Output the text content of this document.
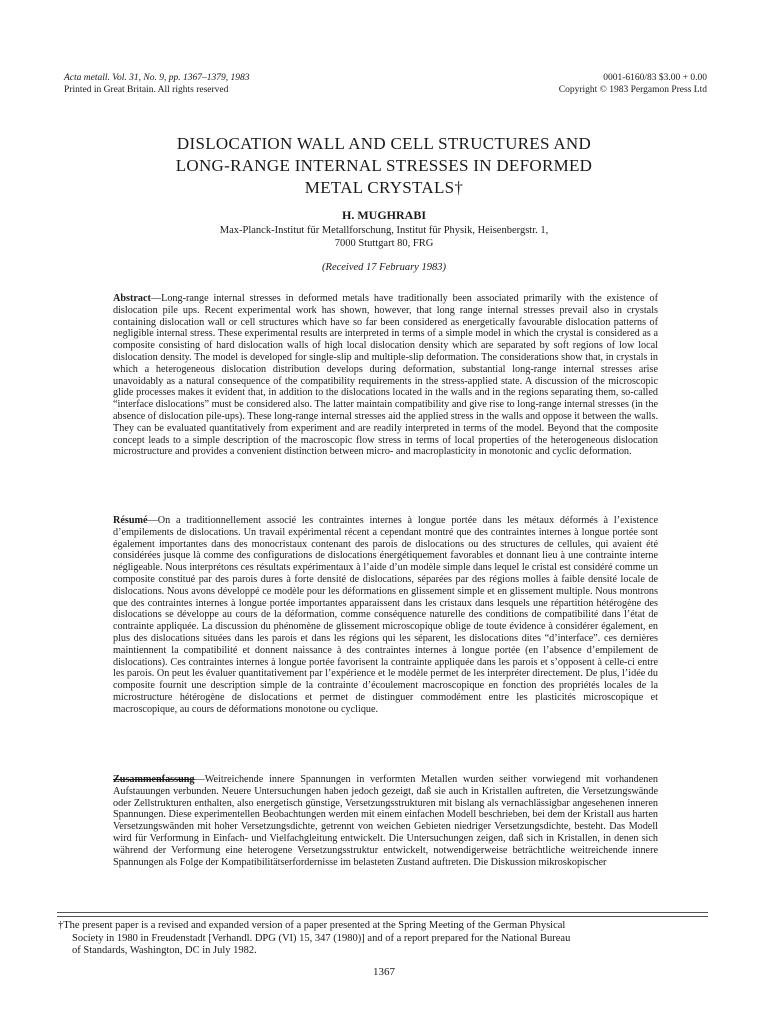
Acta metall. Vol. 31, No. 9, pp. 1367–1379, 1983
Printed in Great Britain. All rights reserved
0001-6160/83 $3.00 + 0.00
Copyright © 1983 Pergamon Press Ltd
DISLOCATION WALL AND CELL STRUCTURES AND
LONG-RANGE INTERNAL STRESSES IN DEFORMED
METAL CRYSTALS†
H. MUGHRABI
Max-Planck-Institut für Metallforschung, Institut für Physik, Heisenbergstr. 1,
7000 Stuttgart 80, FRG
(Received 17 February 1983)
Abstract—Long-range internal stresses in deformed metals have traditionally been associated primarily with the existence of dislocation pile ups. Recent experimental work has shown, however, that long range internal stresses prevail also in crystals containing dislocation wall or cell structures which have so far been considered as energetically favourable dislocation patterns of negligible internal stress. These experimental results are interpreted in terms of a simple model in which the crystal is considered as a composite consisting of hard dislocation walls of high local dislocation density which are separated by soft regions of low local dislocation density. The model is developed for single-slip and multiple-slip deformation. The considerations show that, in crystals in which a heterogeneous dislocation distribution develops during deformation, substantial long-range internal stresses arise unavoidably as a natural consequence of the compatibility requirements in the stress-applied state. A discussion of the microscopic glide processes makes it evident that, in addition to the dislocations located in the walls and in the regions separating them, so-called “interface dislocations” must be considered also. The latter maintain compatibility and give rise to long-range internal stresses (in the absence of dislocation pile-ups). These long-range internal stresses aid the applied stress in the walls and oppose it between the walls. They can be evaluated quantitatively from experiment and are readily interpreted in terms of the model. Beyond that the composite concept leads to a simple description of the macroscopic flow stress in terms of local properties of the heterogeneous dislocation microstructure and provides a convenient distinction between micro- and macroplasticity in monotonic and cyclic deformation.
Résumé—On a traditionnellement associé les contraintes internes à longue portée dans les métaux déformés à l’existence d’empilements de dislocations. Un travail expérimental récent a cependant montré que des contraintes internes à longue portée sont également importantes dans des monocristaux contenant des parois de dislocations ou des structures de cellules, qui avaient été considérées jusque là comme des configurations de dislocations énergétiquement favorables et donnant lieu à une contrainte interne négligeable. Nous interprétons ces résultats expérimentaux à l’aide d’un modèle simple dans lequel le cristal est considéré comme un composite constitué par des parois dures à forte densité de dislocations, séparées par des régions molles à faible densité locale de dislocations. Nous avons développé ce modèle pour les déformations en glissement simple et en glissement multiple. Nous montrons que des contraintes internes à longue portée importantes apparaissent dans les cristaux dans lesquels une répartition hétérogène des dislocations se développe au cours de la déformation, comme conséquence naturelle des conditions de compatibilité dans l’état de contrainte appliquée. La discussion du phénomène de glissement microscopique oblige de toute évidence à considérer également, en plus des dislocations situées dans les parois et dans les régions qui les séparent, les dislocations dites “d’interface”. ces dernières maintiennent la compatibilité et donnent naissance à des contraintes internes à longue portée (en l’absence d’empilement de dislocations). Ces contraintes internes à longue portée favorisent la contrainte appliquée dans les parois et s’opposent à celle-ci entre les parois. On peut les évaluer quantitativement par l’expérience et le modèle permet de les interpréter directement. De plus, l’idée du composite fournit une description simple de la contrainte d’écoulement macroscopique en fonction des propriétés locales de la microstructure hétérogène de dislocations et permet de distinguer commodément entre les plasticités microscopique et macroscopique, au cours de déformations monotone ou cyclique.
Zusammenfassung—Weitreichende innere Spannungen in verformten Metallen wurden seither vorwiegend mit vorhandenen Aufstauungen verbunden. Neuere Untersuchungen haben jedoch gezeigt, daß sie auch in Kristallen auftreten, die Versetzungswände oder Zellstrukturen enthalten, also energetisch günstige, Versetzungsstrukturen mit bislang als vernachlässigbar angesehenen inneren Spannungen. Diese experimentellen Beobachtungen werden mit einem einfachen Modell beschrieben, bei dem der Kristall aus harten Versetzungswänden mit hoher Versetzungsdichte, getrennt von weichen Gebieten niedriger Versetzungsdichte, besteht. Das Modell wird für Verformung in Einfach- und Vielfachgleitung entwickelt. Die Untersuchungen zeigen, daß sich in Kristallen, in denen sich während der Verformung eine heterogene Versetzungsstruktur entwickelt, notwendigerweise beträchtliche weitreichende innere Spannungen als Folge der Kompatibilitätserfordernisse im belasteten Zustand auftreten. Die Diskussion mikroskopischer
†The present paper is a revised and expanded version of a paper presented at the Spring Meeting of the German Physical
Society in 1980 in Freudenstadt [Verhandl. DPG (VI) 15, 347 (1980)] and of a report prepared for the National Bureau
of Standards, Washington, DC in July 1982.
1367
